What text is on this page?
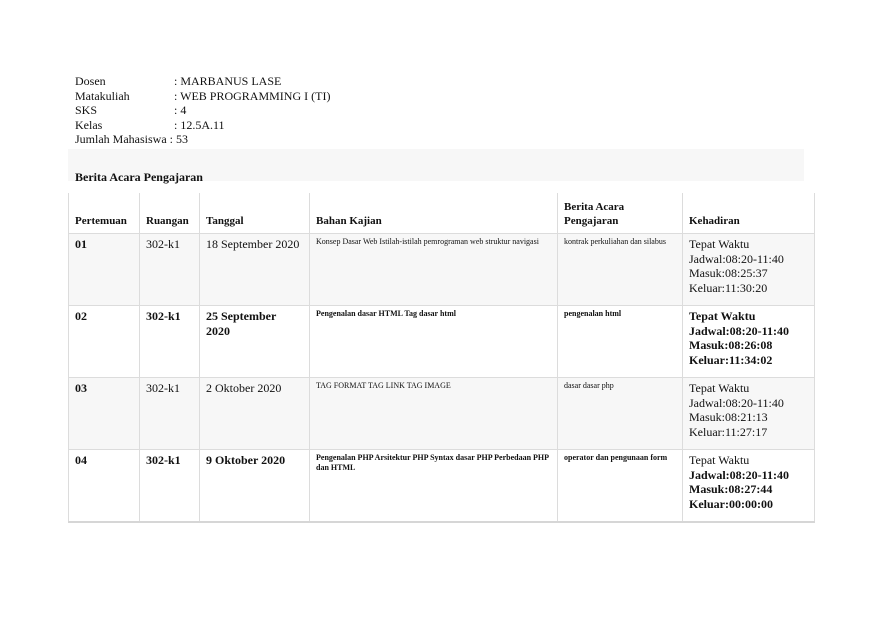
Dosen	: MARBANUS LASE
Matakuliah	: WEB PROGRAMMING I (TI)
SKS	: 4
Kelas	: 12.5A.11
Jumlah Mahasiswa : 53
Berita Acara Pengajaran
Pertemuan	Ruangan	Tanggal	Bahan Kajian	Berita Acara Pengajaran	Kehadiran
01	302-k1	18 September 2020	Konsep Dasar Web Istilah-istilah pemrograman web struktur navigasi	kontrak perkuliahan dan silabus	Tepat Waktu
Jadwal:08:20-11:40
Masuk:08:25:37
Keluar:11:30:20

02	302-k1	25 September 2020	Pengenalan dasar HTML Tag dasar html	pengenalan html	Tepat Waktu
Jadwal:08:20-11:40
Masuk:08:26:08
Keluar:11:34:02

03	302-k1	2 Oktober 2020	TAG FORMAT TAG LINK TAG IMAGE	dasar dasar php	Tepat Waktu
Jadwal:08:20-11:40
Masuk:08:21:13
Keluar:11:27:17

04	302-k1	9 Oktober 2020	Pengenalan PHP Arsitektur PHP Syntax dasar PHP Perbedaan PHP dan HTML	operator dan pengunaan form	Tepat Waktu
Jadwal:08:20-11:40
Masuk:08:27:44
Keluar:00:00:00
